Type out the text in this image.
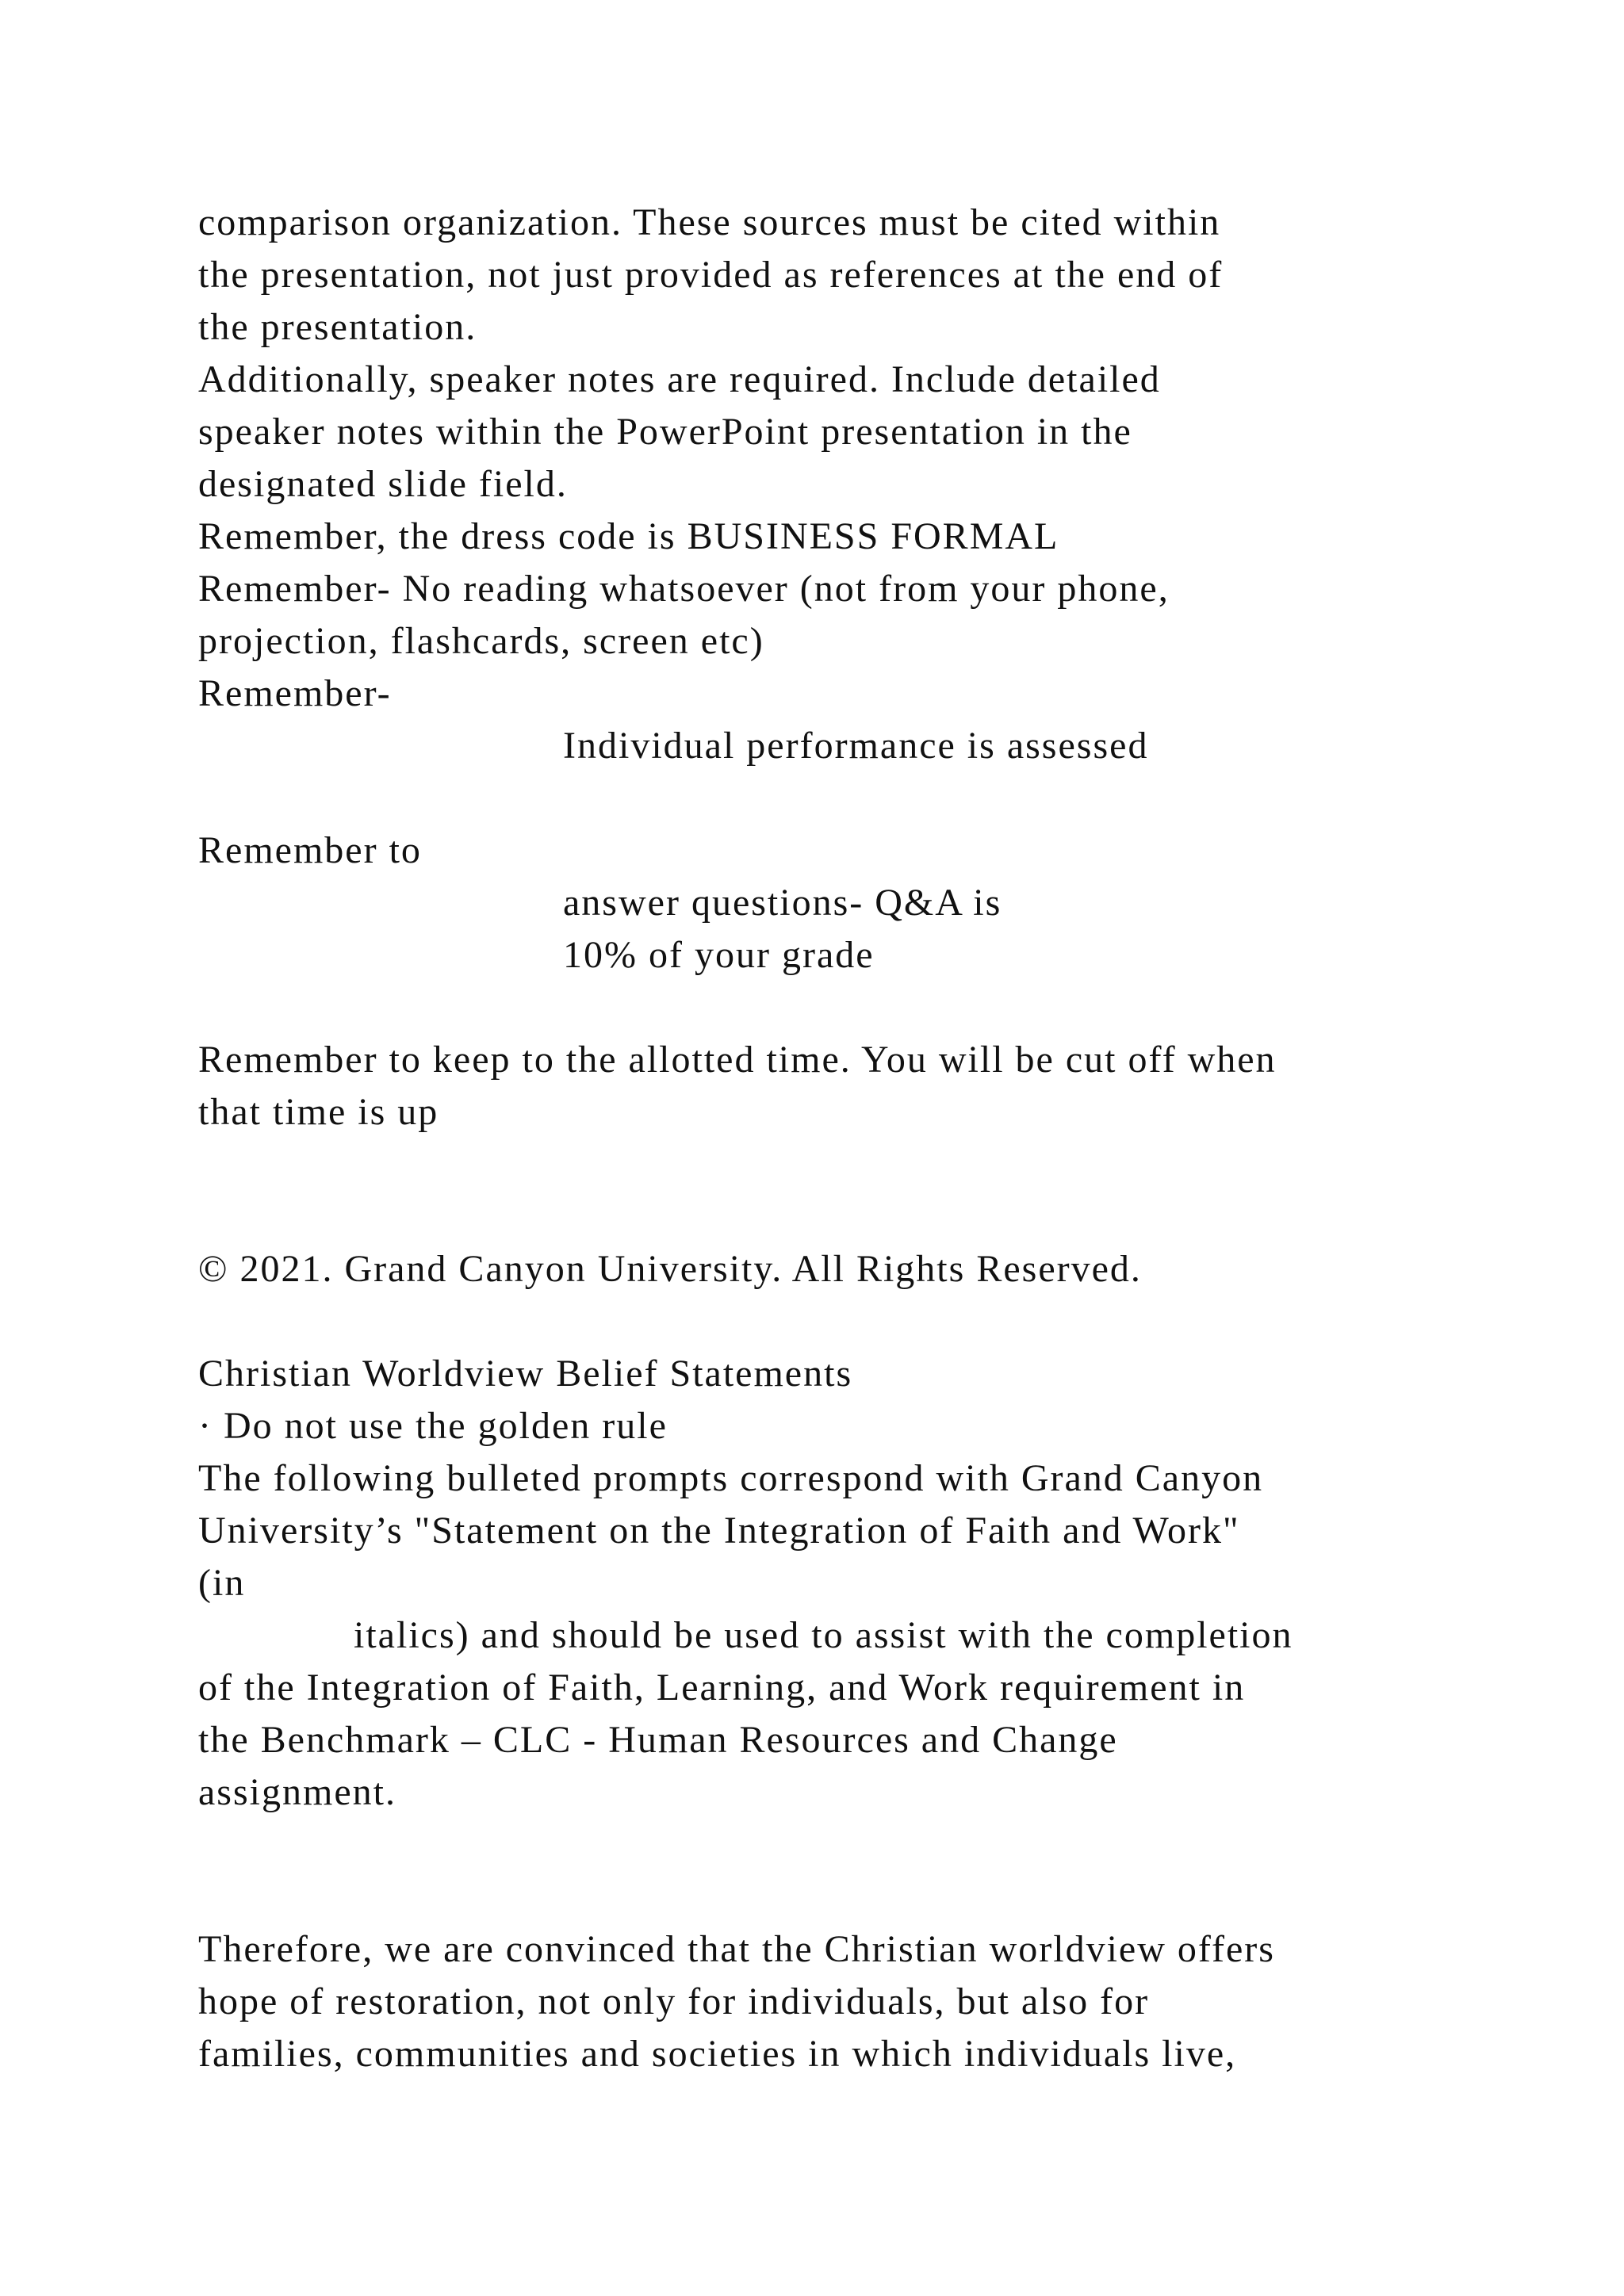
comparison organization. These sources must be cited within

the presentation, not just provided as references at the end of

the presentation.

Additionally, speaker notes are required. Include detailed

speaker notes within the PowerPoint presentation in the

designated slide field.

Remember, the dress code is BUSINESS FORMAL

Remember- No reading whatsoever (not from your phone,

projection, flashcards, screen etc)

Remember-

Individual performance is assessed

Remember to

answer questions- Q&A is

10% of your grade

Remember to keep to the allotted time. You will be cut off when

that time is up

© 2021. Grand Canyon University. All Rights Reserved.

Christian Worldview Belief Statements

· Do not use the golden rule

The following bulleted prompts correspond with Grand Canyon

University’s "Statement on the Integration of Faith and Work"

(in

italics) and should be used to assist with the completion

of the Integration of Faith, Learning, and Work requirement in

the Benchmark – CLC - Human Resources and Change

assignment.

Therefore, we are convinced that the Christian worldview offers

hope of restoration, not only for individuals, but also for

families, communities and societies in which individuals live,
